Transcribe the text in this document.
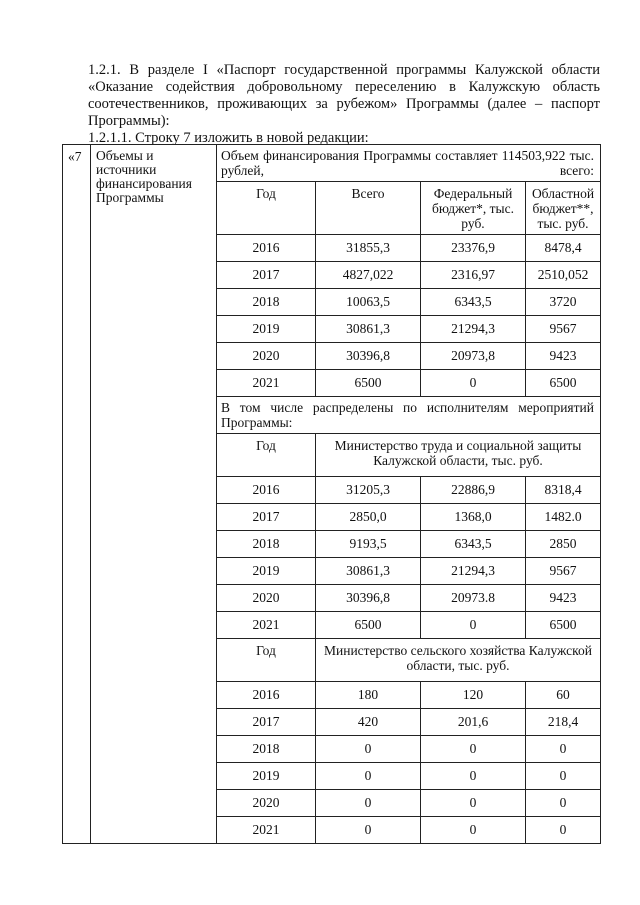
1.2.1. В разделе I «Паспорт государственной программы Калужской области «Оказание содействия добровольному переселению в Калужскую область соотечественников, проживающих за рубежом» Программы (далее – паспорт Программы):

1.2.1.1. Строку 7 изложить в новой редакции:

«7	Объемы и источники финансирования Программы	
Объем финансирования Программы составляет 114503,922 тыс. рублей, всего:
Год	Всего	Федеральный бюджет*, тыс. руб.	Областной бюджет**, тыс. руб.
2016	31855,3	23376,9	8478,4
2017	4827,022	2316,97	2510,052
2018	10063,5	6343,5	3720
2019	30861,3	21294,3	9567
2020	30396,8	20973,8	9423
2021	6500	0	6500
В том числе распределены по исполнителям мероприятий Программы:
Год	Министерство труда и социальной защиты Калужской области, тыс. руб.
2016	31205,3	22886,9	8318,4
2017	2850,0	1368,0	1482.0
2018	9193,5	6343,5	2850
2019	30861,3	21294,3	9567
2020	30396,8	20973.8	9423
2021	6500	0	6500
Год	Министерство сельского хозяйства Калужской области, тыс. руб.
2016	180	120	60
2017	420	201,6	218,4
2018	0	0	0
2019	0	0	0
2020	0	0	0
2021	0	0	0
